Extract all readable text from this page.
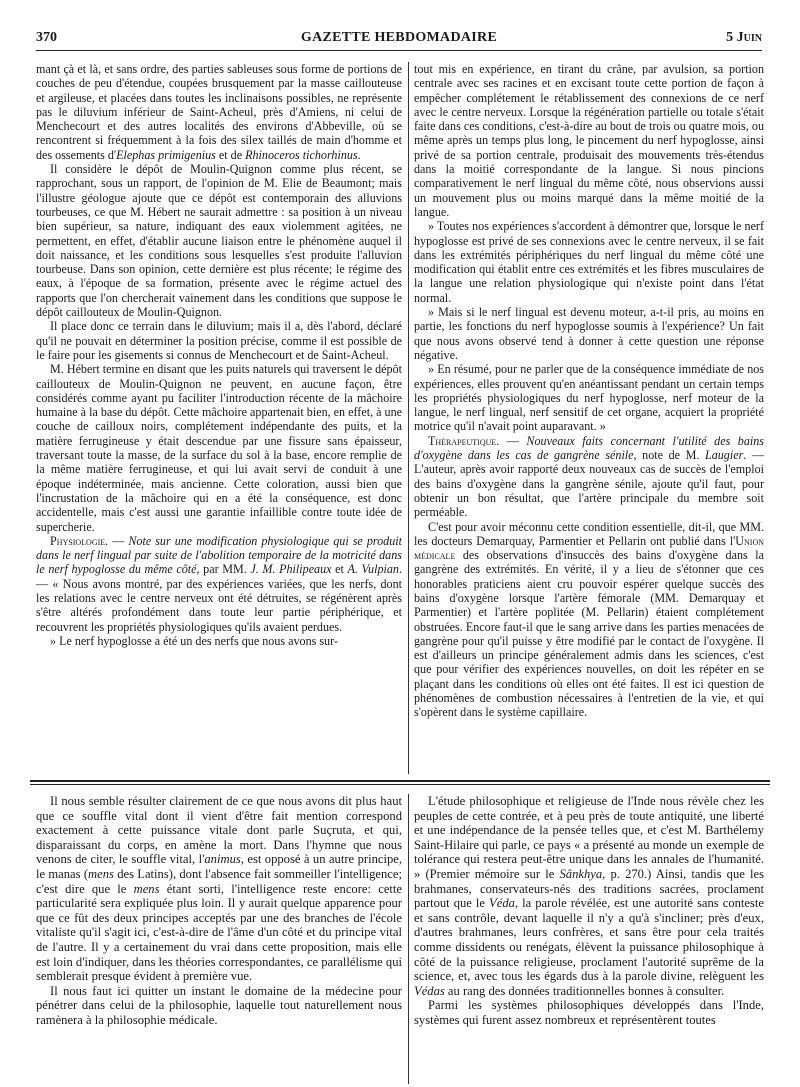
370	GAZETTE HEBDOMADAIRE	5 Juin

mant çà et là, et sans ordre, des parties sableuses sous forme de portions de couches de peu d'étendue, coupées brusquement par la masse caillouteuse et argileuse, et placées dans toutes les inclinaisons possibles, ne représente pas le diluvium inférieur de Saint-Acheul, près d'Amiens, ni celui de Menchecourt et des autres localités des environs d'Abbeville, où se rencontrent si fréquemment à la fois des silex taillés de main d'homme et des ossements d'Elephas primigenius et de Rhinoceros tichorhinus.

Il considère le dépôt de Moulin-Quignon comme plus récent, se rapprochant, sous un rapport, de l'opinion de M. Elie de Beaumont; mais l'illustre géologue ajoute que ce dépôt est contemporain des alluvions tourbeuses, ce que M. Hébert ne saurait admettre : sa position à un niveau bien supérieur, sa nature, indiquant des eaux violemment agitées, ne permettent, en effet, d'établir aucune liaison entre le phénomène auquel il doit naissance, et les conditions sous lesquelles s'est produite l'alluvion tourbeuse. Dans son opinion, cette dernière est plus récente; le régime des eaux, à l'époque de sa formation, présente avec le régime actuel des rapports que l'on chercherait vainement dans les conditions que suppose le dépôt caillouteux de Moulin-Quignon.

Il place donc ce terrain dans le diluvium; mais il a, dès l'abord, déclaré qu'il ne pouvait en déterminer la position précise, comme il est possible de le faire pour les gisements si connus de Menchecourt et de Saint-Acheul.

M. Hébert termine en disant que les puits naturels qui traversent le dépôt caillouteux de Moulin-Quignon ne peuvent, en aucune façon, être considérés comme ayant pu faciliter l'introduction récente de la mâchoire humaine à la base du dépôt. Cette mâchoire appartenait bien, en effet, à une couche de cailloux noirs, complétement indépendante des puits, et la matière ferrugineuse y était descendue par une fissure sans épaisseur, traversant toute la masse, de la surface du sol à la base, encore remplie de la même matière ferrugineuse, et qui lui avait servi de conduit à une époque indéterminée, mais ancienne. Cette coloration, aussi bien que l'incrustation de la mâchoire qui en a été la conséquence, est donc accidentelle, mais c'est aussi une garantie infaillible contre toute idée de supercherie.

Physiologie. — Note sur une modification physiologique qui se produit dans le nerf lingual par suite de l'abolition temporaire de la motricité dans le nerf hypoglosse du même côté, par MM. J. M. Philipeaux et A. Vulpian. — « Nous avons montré, par des expériences variées, que les nerfs, dont les relations avec le centre nerveux ont été détruites, se régénèrent après s'être altérés profondément dans toute leur partie périphérique, et recouvrent les propriétés physiologiques qu'ils avaient perdues.

» Le nerf hypoglosse a été un des nerfs que nous avons sur-

tout mis en expérience, en tirant du crâne, par avulsion, sa portion centrale avec ses racines et en excisant toute cette portion de façon à empêcher complétement le rétablissement des connexions de ce nerf avec le centre nerveux. Lorsque la régénération partielle ou totale s'était faite dans ces conditions, c'est-à-dire au bout de trois ou quatre mois, ou même après un temps plus long, le pincement du nerf hypoglosse, ainsi privé de sa portion centrale, produisait des mouvements très-étendus dans la moitié correspondante de la langue. Si nous pincions comparativement le nerf lingual du même côté, nous observions aussi un mouvement plus ou moins marqué dans la même moitié de la langue.

» Toutes nos expériences s'accordent à démontrer que, lorsque le nerf hypoglosse est privé de ses connexions avec le centre nerveux, il se fait dans les extrémités périphériques du nerf lingual du même côté une modification qui établit entre ces extrémités et les fibres musculaires de la langue une relation physiologique qui n'existe point dans l'état normal.

» Mais si le nerf lingual est devenu moteur, a-t-il pris, au moins en partie, les fonctions du nerf hypoglosse soumis à l'expérience? Un fait que nous avons observé tend à donner à cette question une réponse négative.

» En résumé, pour ne parler que de la conséquence immédiate de nos expériences, elles prouvent qu'en anéantissant pendant un certain temps les propriétés physiologiques du nerf hypoglosse, nerf moteur de la langue, le nerf lingual, nerf sensitif de cet organe, acquiert la propriété motrice qu'il n'avait point auparavant. »

Thérapeutique. — Nouveaux faits concernant l'utilité des bains d'oxygène dans les cas de gangrène sénile, note de M. Laugier. — L'auteur, après avoir rapporté deux nouveaux cas de succès de l'emploi des bains d'oxygène dans la gangrène sénile, ajoute qu'il faut, pour obtenir un bon résultat, que l'artère principale du membre soit perméable.

C'est pour avoir méconnu cette condition essentielle, dit-il, que MM. les docteurs Demarquay, Parmentier et Pellarin ont publié dans l'Union médicale des observations d'insuccès des bains d'oxygène dans la gangrène des extrémités. En vérité, il y a lieu de s'étonner que ces honorables praticiens aient cru pouvoir espérer quelque succès des bains d'oxygène lorsque l'artère fémorale (MM. Demarquay et Parmentier) et l'artère poplitée (M. Pellarin) étaient complétement obstruées. Encore faut-il que le sang arrive dans les parties menacées de gangrène pour qu'il puisse y être modifié par le contact de l'oxygène. Il est d'ailleurs un principe généralement admis dans les sciences, c'est que pour vérifier des expériences nouvelles, on doit les répéter en se plaçant dans les conditions où elles ont été faites. Il est ici question de phénomènes de combustion nécessaires à l'entretien de la vie, et qui s'opèrent dans le système capillaire.

Il nous semble résulter clairement de ce que nous avons dit plus haut que ce souffle vital dont il vient d'être fait mention correspond exactement à cette puissance vitale dont parle Suçruta, et qui, disparaissant du corps, en amène la mort. Dans l'hymne que nous venons de citer, le souffle vital, l'animus, est opposé à un autre principe, le manas (mens des Latins), dont l'absence fait sommeiller l'intelligence; c'est dire que le mens étant sorti, l'intelligence reste encore: cette particularité sera expliquée plus loin. Il y aurait quelque apparence pour que ce fût des deux principes acceptés par une des branches de l'école vitaliste qu'il s'agit ici, c'est-à-dire de l'âme d'un côté et du principe vital de l'autre. Il y a certainement du vrai dans cette proposition, mais elle est loin d'indiquer, dans les théories correspondantes, ce parallélisme qui semblerait presque évident à première vue.

Il nous faut ici quitter un instant le domaine de la médecine pour pénétrer dans celui de la philosophie, laquelle tout naturellement nous ramènera à la philosophie médicale.

L'étude philosophique et religieuse de l'Inde nous révèle chez les peuples de cette contrée, et à peu près de toute antiquité, une liberté et une indépendance de la pensée telles que, et c'est M. Barthélemy Saint-Hilaire qui parle, ce pays « a présenté au monde un exemple de tolérance qui restera peut-être unique dans les annales de l'humanité. » (Premier mémoire sur le Sânkhya, p. 270.) Ainsi, tandis que les brahmanes, conservateurs-nés des traditions sacrées, proclament partout que le Véda, la parole révélée, est une autorité sans conteste et sans contrôle, devant laquelle il n'y a qu'à s'incliner; près d'eux, d'autres brahmanes, leurs confrères, et sans être pour cela traités comme dissidents ou renégats, élèvent la puissance philosophique à côté de la puissance religieuse, proclament l'autorité suprême de la science, et, avec tous les égards dus à la parole divine, relèguent les Védas au rang des données traditionnelles bonnes à consulter.

Parmi les systèmes philosophiques développés dans l'Inde, systèmes qui furent assez nombreux et représentèrent toutes
